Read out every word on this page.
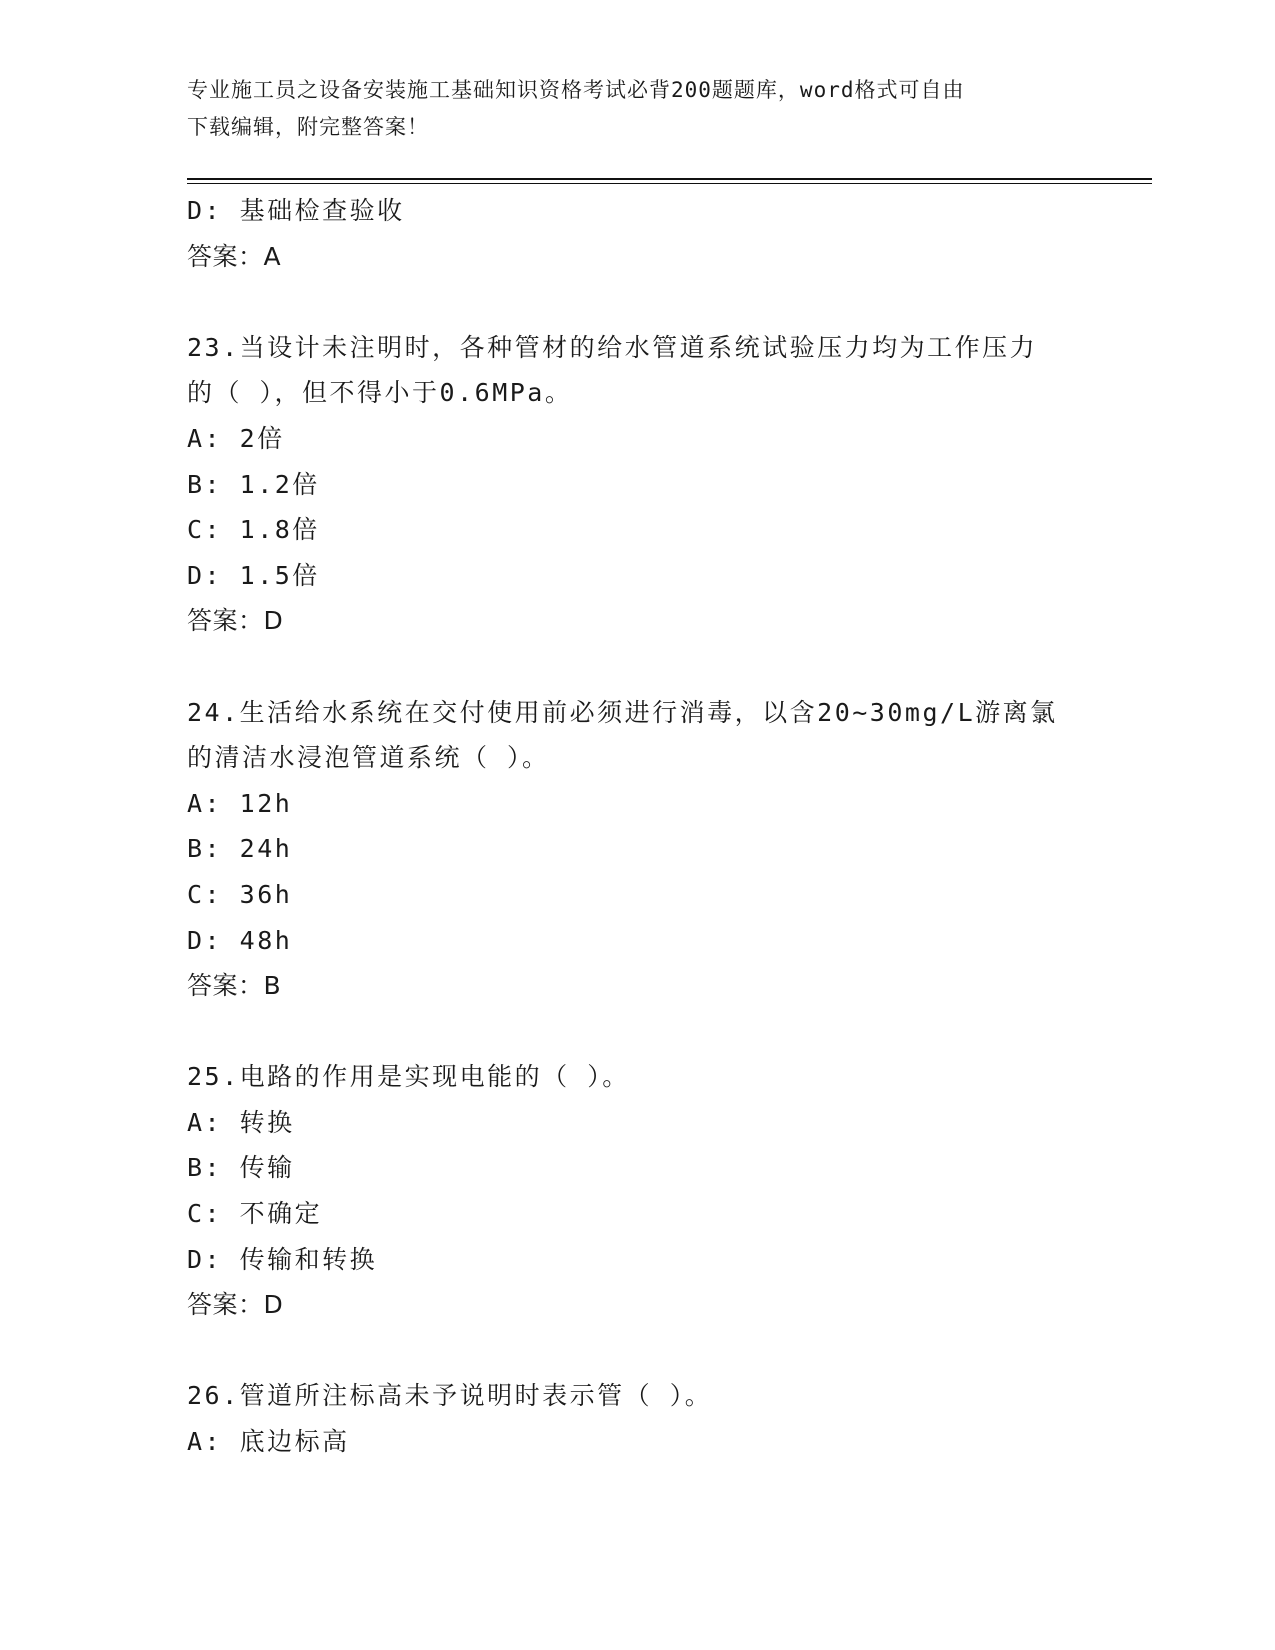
专业施工员之设备安装施工基础知识资格考试必背200题题库，word格式可自由
下载编辑，附完整答案！
D: 基础检查验收
答案：A
23.当设计未注明时，各种管材的给水管道系统试验压力均为工作压力
的（ ），但不得小于0.6MPa。
A: 2倍
B: 1.2倍
C: 1.8倍
D: 1.5倍
答案：D
24.生活给水系统在交付使用前必须进行消毒，以含20~30mg/L游离氯
的清洁水浸泡管道系统（ ）。
A: 12h
B: 24h
C: 36h
D: 48h
答案：B
25.电路的作用是实现电能的（ ）。
A: 转换
B: 传输
C: 不确定
D: 传输和转换
答案：D
26.管道所注标高未予说明时表示管（ ）。
A: 底边标高
